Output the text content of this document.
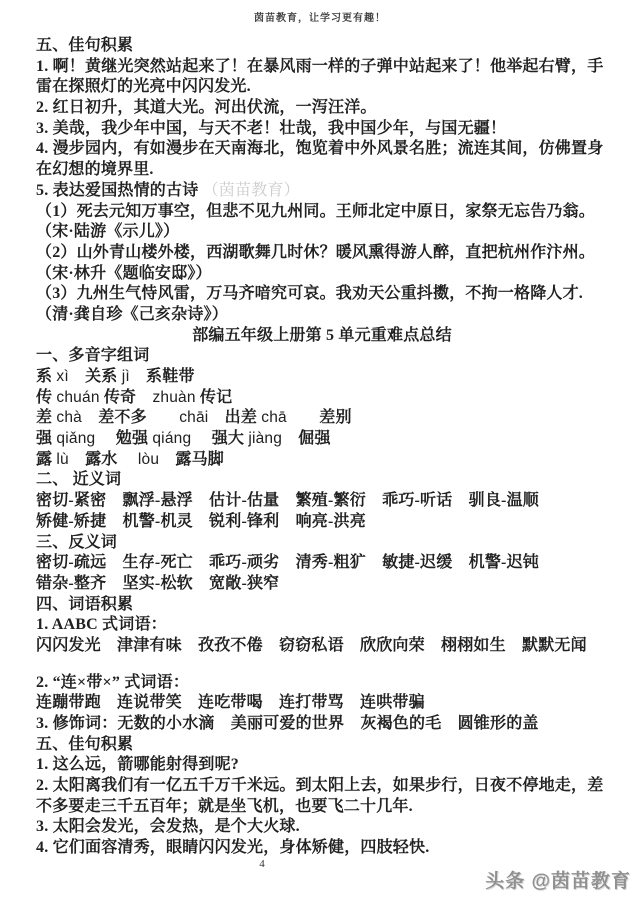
茵苗教育，让学习更有趣！
五、佳句积累
1. 啊！黄继光突然站起来了！在暴风雨一样的子弹中站起来了！他举起右臂，手
雷在探照灯的光亮中闪闪发光.
2. 红日初升，其道大光。河出伏流，一泻汪洋。
3. 美哉，我少年中国，与天不老！壮哉，我中国少年，与国无疆！
4. 漫步园内，有如漫步在天南海北，饱览着中外风景名胜；流连其间，仿佛置身
在幻想的境界里.
5. 表达爱国热情的古诗 （茵苗教育）
（1）死去元知万事空，但悲不见九州同。王师北定中原日，家祭无忘告乃翁。
（宋·陆游《示儿》）
（2）山外青山楼外楼，西湖歌舞几时休？暖风熏得游人醉，直把杭州作汴州。
（宋·林升《题临安邸》）
（3）九州生气恃风雷，万马齐喑究可哀。我劝天公重抖擞，不拘一格降人才.
（清·龚自珍《己亥杂诗》）
部编五年级上册第 5 单元重难点总结
一、多音字组词
系 xì　关系 jì　系鞋带
传 chuán 传奇　zhuàn 传记
差 chà　差不多　　chāi　出差 chā　　差别
强 qiǎng　 勉强 qiáng　 强大 jiàng　倔强
露 lù　露水　 lòu　露马脚
二、 近义词
密切-紧密　飘浮-悬浮　估计-估量　繁殖-繁衍　乖巧-听话　驯良-温顺
矫健-矫捷　机警-机灵　锐利-锋利　响亮-洪亮
三、反义词
密切-疏远　生存-死亡　乖巧-顽劣　清秀-粗犷　敏捷-迟缓　机警-迟钝
错杂-整齐　坚实-松软　宽敞-狭窄
四、词语积累
1. AABC 式词语：
闪闪发光　津津有味　孜孜不倦　窃窃私语　欣欣向荣　栩栩如生　默默无闻
2. “连×带×” 式词语：
连蹦带跑　连说带笑　连吃带喝　连打带骂　连哄带骗
3. 修饰词：无数的小水滴　美丽可爱的世界　灰褐色的毛　圆锥形的盖
五、佳句积累
1. 这么远，箭哪能射得到呢?
2. 太阳离我们有一亿五千万千米远。到太阳上去，如果步行，日夜不停地走，差
不多要走三千五百年；就是坐飞机，也要飞二十几年.
3. 太阳会发光，会发热，是个大火球.
4. 它们面容清秀，眼睛闪闪发光，身体矫健，四肢轻快.
4
头条 @茵苗教育
